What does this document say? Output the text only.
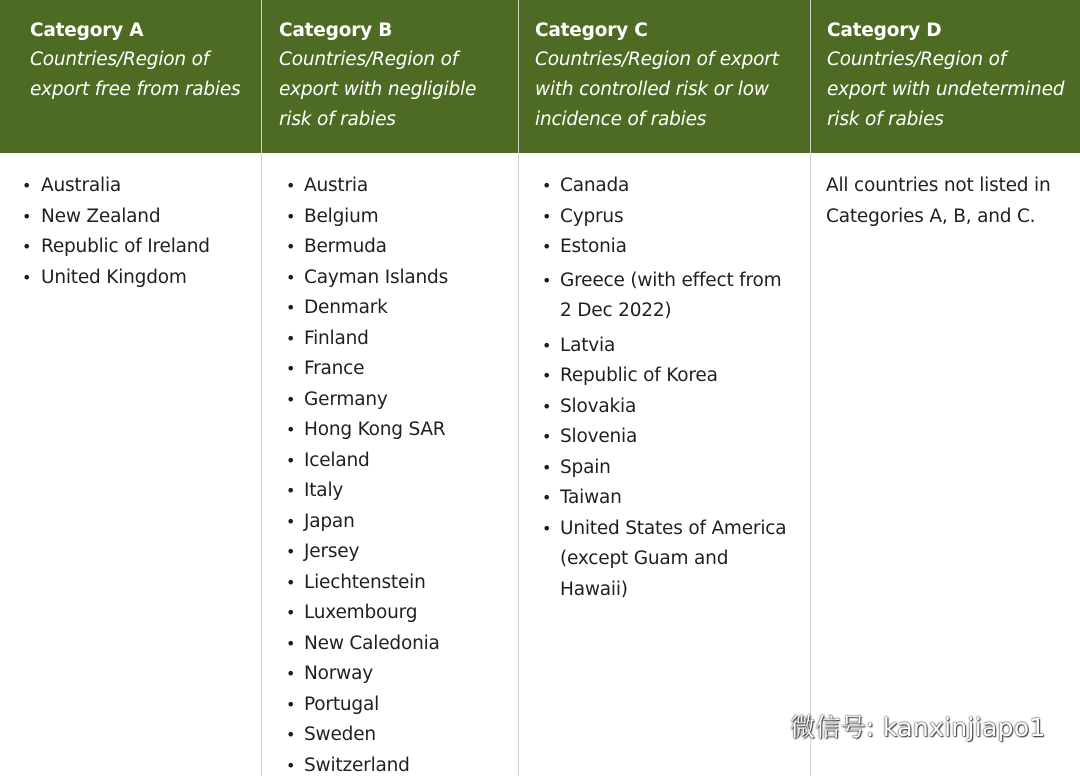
Category A
Countries/Region of export free from rabies
• Australia
• New Zealand
• Republic of Ireland
• United Kingdom
Category B
Countries/Region of export with negligible risk of rabies
• Austria
• Belgium
• Bermuda
• Cayman Islands
• Denmark
• Finland
• France
• Germany
• Hong Kong SAR
• Iceland
• Italy
• Japan
• Jersey
• Liechtenstein
• Luxembourg
• New Caledonia
• Norway
• Portugal
• Sweden
• Switzerland
Category C
Countries/Region of export with controlled risk or low incidence of rabies
• Canada
• Cyprus
• Estonia
• Greece (with effect from 2 Dec 2022)
• Latvia
• Republic of Korea
• Slovakia
• Slovenia
• Spain
• Taiwan
• United States of America (except Guam and Hawaii)
Category D
Countries/Region of export with undetermined risk of rabies
All countries not listed in Categories A, B, and C.
微信号: kanxinjiapo1
